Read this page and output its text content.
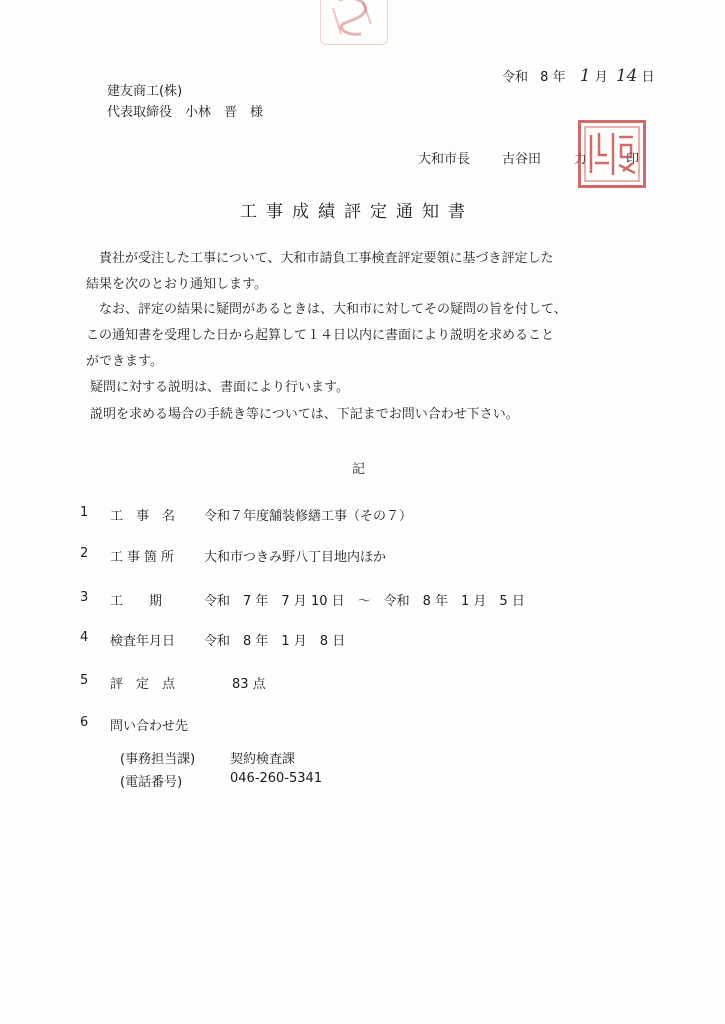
令和 8 年 1 月 14 日
建友商工(株)
代表取締役　小林　晋　様
大和市長 古谷田	力	印
工事成績評定通知書
貴社が受注した工事について、大和市請負工事検査評定要領に基づき評定した
結果を次のとおり通知します。
なお、評定の結果に疑問があるときは、大和市に対してその疑問の旨を付して、
この通知書を受理した日から起算して１４日以内に書面により説明を求めること
ができます。
疑問に対する説明は、書面により行います。
説明を求める場合の手続き等については、下記までお問い合わせ下さい。
記
1	工　事　名 令和７年度舗装修繕工事（その７）
2	工事箇所 大和市つきみ野八丁目地内ほか
3	工　　期	令和　7 年　7 月 10 日　～　令和　8 年　1 月　5 日
4	検査年月日 令和　8 年　1 月　8 日
5	評　定　点	83 点
6	問い合わせ先
(事務担当課)	契約検査課
(電話番号)	046-260-5341
